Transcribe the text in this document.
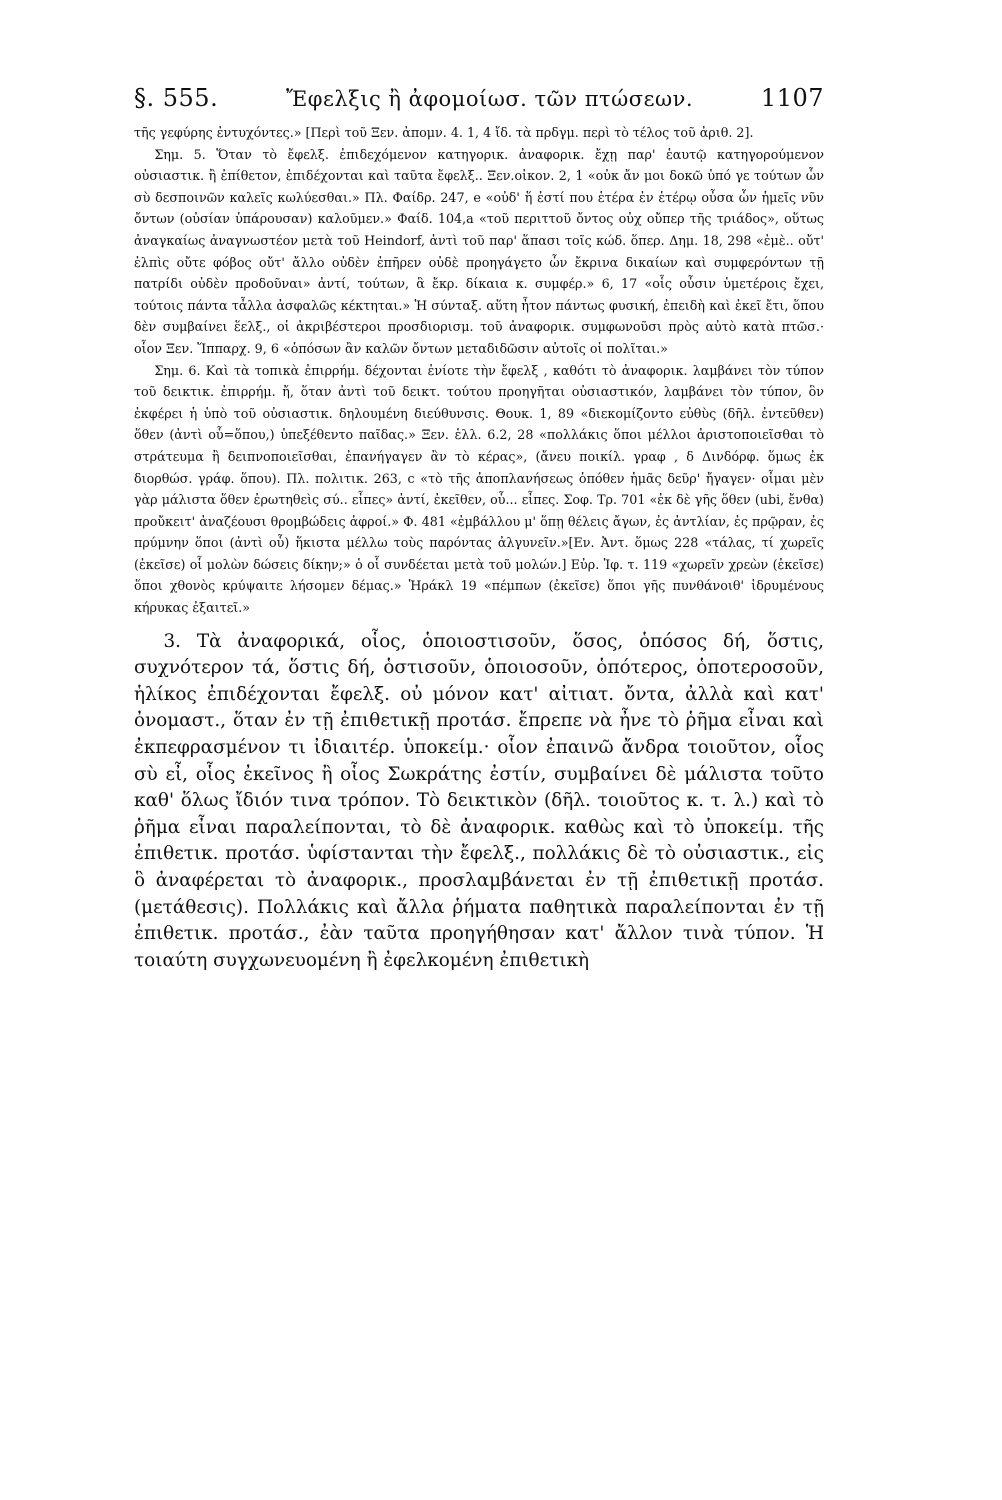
§. 555.	Ἔφελξις ἢ ἀφομοίωσ. τῶν πτώσεων.	1107

τῆς γεφύρης ἐντυχόντες.» [Περὶ τοῦ Ξεν. ἀπομν. 4. 1, 4 ἴδ. τὰ πρδγμ. περὶ τὸ τέλος τοῦ ἀριθ. 2].

Σημ. 5. Ὅταν τὸ ἔφελξ. ἐπιδεχόμενον κατηγορικ. ἀναφορικ. ἔχῃ παρ' ἑαυτῷ κατηγορούμενον οὐσιαστικ. ἢ ἐπίθετον, ἐπιδέχονται καὶ ταῦτα ἔφελξ.. Ξεν.οἰκον. 2, 1 «οὐκ ἄν μοι δοκῶ ὑπό γε τούτων ὧν σὺ δεσποινῶν καλεῖς κωλύεσθαι.» Πλ. Φαίδρ. 247, e «οὐδ' ἥ ἐστί που ἑτέρα ἐν ἑτέρῳ οὖσα ὧν ἡμεῖς νῦν ὄντων (οὐσίαν ὑπάρουσαν) καλοῦμεν.» Φαίδ. 104,a «τοῦ περιττοῦ ὄντος οὐχ οὔπερ τῆς τριάδος», οὕτως ἀναγκαίως ἀναγνωστέον μετὰ τοῦ Heindorf, ἀντὶ τοῦ παρ' ἅπασι τοῖς κώδ. ὅπερ. Δημ. 18, 298 «ἐμὲ.. οὔτ' ἐλπὶς οὔτε φόβος οὔτ' ἄλλο οὐδὲν ἐπῆρεν οὐδὲ προηγάγετο ὧν ἔκρινα δικαίων καὶ συμφερόντων τῇ πατρίδι οὐδὲν προδοῦναι» ἀντί, τούτων, ἃ ἔκρ. δίκαια κ. συμφέρ.» 6, 17 «οἷς οὖσιν ὑμετέροις ἔχει, τούτοις πάντα τἆλλα ἀσφαλῶς κέκτηται.» Ἡ σύνταξ. αὕτη ἦτον πάντως φυσική, ἐπειδὴ καὶ ἐκεῖ ἔτι, ὅπου δὲν συμβαίνει ἕελξ., οἱ ἀκριβέστεροι προσδιορισμ. τοῦ ἀναφορικ. συμφωνοῦσι πρὸς αὐτὸ κατὰ πτῶσ.· οἷον Ξεν. Ἵππαρχ. 9, 6 «ὁπόσων ἂν καλῶν ὄντων μεταδιδῶσιν αὐτοῖς οἱ πολῖται.»

Σημ. 6. Καὶ τὰ τοπικὰ ἐπιρρήμ. δέχονται ἐνίοτε τὴν ἔφελξ , καθότι τὸ ἀναφορικ. λαμβάνει τὸν τύπον τοῦ δεικτικ. ἐπιρρήμ. ἤ, ὅταν ἀντὶ τοῦ δεικτ. τούτου προηγῆται οὐσιαστικόν, λαμβάνει τὸν τύπον, ὃν ἐκφέρει ἡ ὑπὸ τοῦ οὐσιαστικ. δηλουμένη διεύθυνσις. Θουκ. 1, 89 «διεκομίζοντο εὐθὺς (δῆλ. ἐντεῦθεν) ὅθεν (ἀντὶ οὗ=ὅπου,) ὑπεξέθεντο παῖδας.» Ξεν. ἑλλ. 6.2, 28 «πολλάκις ὅποι μέλλοι ἀριστοποιεῖσθαι τὸ στράτευμα ἢ δειπνοποιεῖσθαι, ἐπανήγαγεν ἂν τὸ κέρας», (ἄνευ ποικίλ. γραφ , δ Δινδόρφ. ὅμως ἐκ διορθώσ. γράφ. ὅπου). Πλ. πολιτικ. 263, c «τὸ τῆς ἀποπλανήσεως ὁπόθεν ἡμᾶς δεῦρ' ἤγαγεν· οἶμαι μὲν γὰρ μάλιστα ὅθεν ἐρωτηθεὶς σύ.. εἶπες» ἀντί, ἐκεῖθεν, οὗ... εἶπες. Σοφ. Τρ. 701 «ἐκ δὲ γῆς ὅθεν (ubi, ἔνθα) προὔκειτ' ἀναζέουσι θρομβώδεις ἀφροί.» Φ. 481 «ἐμβάλλου μ' ὅπῃ θέλεις ἄγων, ἐς ἀντλίαν, ἐς πρῷραν, ἐς πρύμνην ὅποι (ἀντὶ οὗ) ἥκιστα μέλλω τοὺς παρόντας ἀλγυνεῖν.»[Εν. Ἀντ. ὅμως 228 «τάλας, τί χωρεῖς (ἐκεῖσε) οἷ μολὼν δώσεις δίκην;» ὁ οἷ συνδέεται μετὰ τοῦ μολών.] Εὐρ. Ἰφ. τ. 119 «χωρεῖν χρεὼν (ἐκεῖσε) ὅποι χθονὸς κρύψαιτε λήσομεν δέμας.» Ἡράκλ 19 «πέμπων (ἐκεῖσε) ὅποι γῆς πυνθάνοιθ' ἱδρυμένους κήρυκας ἐξαιτεῖ.»

3. Τὰ ἀναφορικά, οἷος, ὁποιοστισοῦν, ὅσος, ὁπόσος δή, ὅστις, συχνότερον τά, ὅστις δή, ὁστισοῦν, ὁποιοσοῦν, ὁπότερος, ὁποτεροσοῦν, ἡλίκος ἐπιδέχονται ἔφελξ. οὐ μόνον κατ' αἰτιατ. ὄντα, ἀλλὰ καὶ κατ' ὀνομαστ., ὅταν ἐν τῇ ἐπιθετικῇ προτάσ. ἔπρεπε νὰ ἦνε τὸ ῥῆμα εἶναι καὶ ἐκπεφρασμένον τι ἰδιαιτέρ. ὑποκείμ.· οἷον ἐπαινῶ ἄνδρα τοιοῦτον, οἷος σὺ εἶ, οἷος ἐκεῖνος ἢ οἷος Σωκράτης ἐστίν, συμβαίνει δὲ μάλιστα τοῦτο καθ' ὅλως ἴδιόν τινα τρόπον. Τὸ δεικτικὸν (δῆλ. τοιοῦτος κ. τ. λ.) καὶ τὸ ῥῆμα εἶναι παραλείπονται, τὸ δὲ ἀναφορικ. καθὼς καὶ τὸ ὑποκείμ. τῆς ἐπιθετικ. προτάσ. ὑφίστανται τὴν ἔφελξ., πολλάκις δὲ τὸ οὐσιαστικ., εἰς ὃ ἀναφέρεται τὸ ἀναφορικ., προσλαμβάνεται ἐν τῇ ἐπιθετικῇ προτάσ. (μετάθεσις). Πολλάκις καὶ ἄλλα ῥήματα παθητικὰ παραλείπονται ἐν τῇ ἐπιθετικ. προτάσ., ἐὰν ταῦτα προηγήθησαν κατ' ἄλλον τινὰ τύπον. Ἡ τοιαύτη συγχωνευομένη ἢ ἐφελκομένη ἐπιθετικὴ
